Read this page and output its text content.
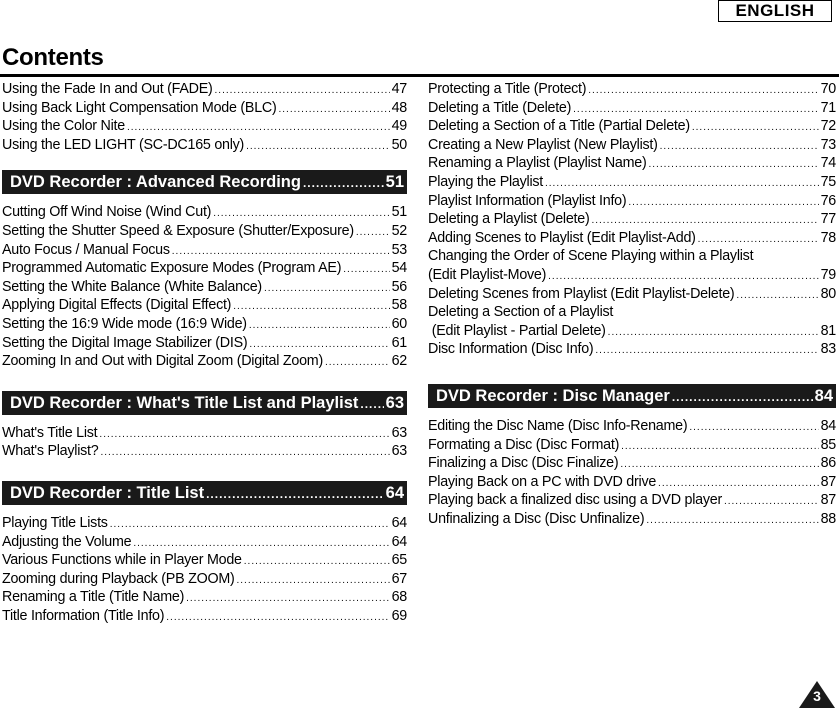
ENGLISH
Contents
Using the Fade In and Out (FADE) .....	47
Using Back Light Compensation Mode (BLC) .....	48
Using the Color Nite .....	49
Using the LED LIGHT (SC-DC165 only) .....	50
DVD Recorder : Advanced Recording .....	51
Cutting Off Wind Noise (Wind Cut) .....	51
Setting the Shutter Speed & Exposure (Shutter/Exposure) .....	52
Auto Focus / Manual Focus .....	53
Programmed Automatic Exposure Modes (Program AE) .....	54
Setting the White Balance (White Balance) .....	56
Applying Digital Effects (Digital Effect) .....	58
Setting the 16:9 Wide mode (16:9 Wide) .....	60
Setting the Digital Image Stabilizer (DIS) .....	61
Zooming In and Out with Digital Zoom (Digital Zoom) .....	62
DVD Recorder : What's Title List and Playlist ..... 63
What's Title List .....	63
What's Playlist? .....	63
DVD Recorder : Title List .....	64
Playing Title Lists .....	64
Adjusting the Volume .....	64
Various Functions while in Player Mode .....	65
Zooming during Playback (PB ZOOM) .....	67
Renaming a Title (Title Name) .....	68
Title Information (Title Info) .....	69
Protecting a Title (Protect) .....	70
Deleting a Title (Delete) .....	71
Deleting a Section of a Title (Partial Delete) .....	72
Creating a New Playlist (New Playlist) .....	73
Renaming a Playlist (Playlist Name) .....	74
Playing the Playlist .....	75
Playlist Information (Playlist Info) .....	76
Deleting a Playlist (Delete) .....	77
Adding Scenes to Playlist (Edit Playlist-Add) .....	78
Changing the Order of Scene Playing within a Playlist
(Edit Playlist-Move) .....	79
Deleting Scenes from Playlist (Edit Playlist-Delete) .....	80
Deleting a Section of a Playlist
(Edit Playlist - Partial Delete) .....	81
Disc Information (Disc Info) .....	83
DVD Recorder : Disc Manager .....	84
Editing the Disc Name (Disc Info-Rename) .....	84
Formating a Disc (Disc Format) .....	85
Finalizing a Disc (Disc Finalize) .....	86
Playing Back on a PC with DVD drive .....	87
Playing back a finalized disc using a DVD player .....	87
Unfinalizing a Disc (Disc Unfinalize) .....	88
3
